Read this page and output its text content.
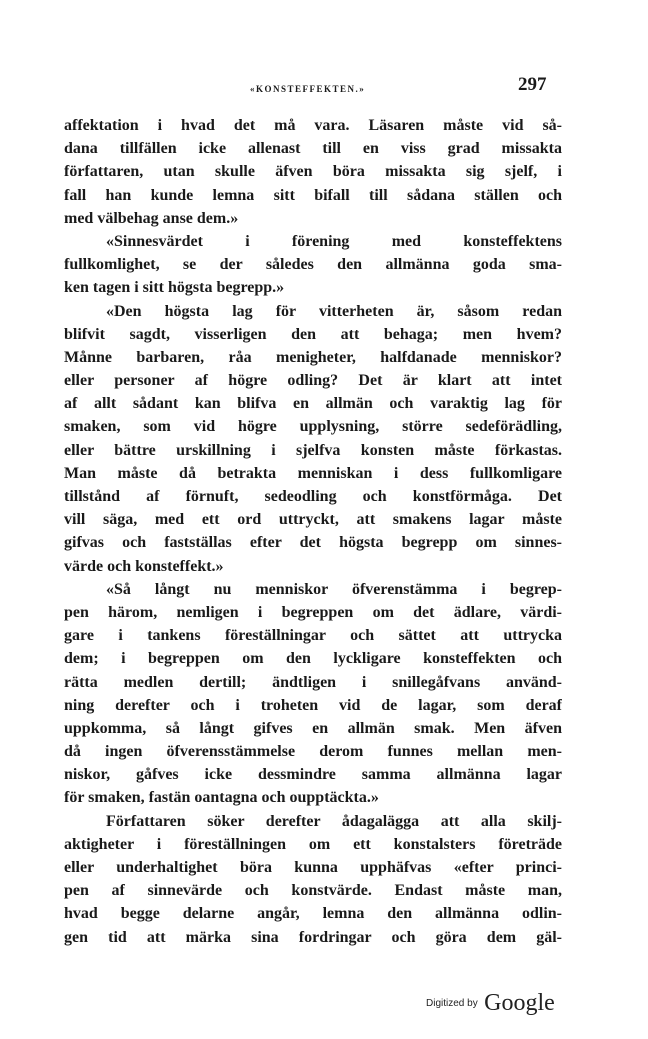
«KONSTEFFEKTEN.»	297
affektation i hvad det må vara. Läsaren måste vid så-
dana tillfällen icke allenast till en viss grad missakta
författaren, utan skulle äfven böra missakta sig sjelf, i
fall han kunde lemna sitt bifall till sådana ställen och
med välbehag anse dem.»
«Sinnesvärdet i förening med konsteffektens
fullkomlighet, se der således den allmänna goda sma-
ken tagen i sitt högsta begrepp.»
«Den högsta lag för vitterheten är, såsom redan
blifvit sagdt, visserligen den att behaga; men hvem?
Månne barbaren, råa menigheter, halfdanade menniskor?
eller personer af högre odling? Det är klart att intet
af allt sådant kan blifva en allmän och varaktig lag för
smaken, som vid högre upplysning, större sedeförädling,
eller bättre urskillning i sjelfva konsten måste förkastas.
Man måste då betrakta menniskan i dess fullkomligare
tillstånd af förnuft, sedeodling och konstförmåga. Det
vill säga, med ett ord uttryckt, att smakens lagar måste
gifvas och fastställas efter det högsta begrepp om sinnes-
värde och konsteffekt.»
«Så långt nu menniskor öfverenstämma i begrep-
pen härom, nemligen i begreppen om det ädlare, värdi-
gare i tankens föreställningar och sättet att uttrycka
dem; i begreppen om den lyckligare konsteffekten och
rätta medlen dertill; ändtligen i snillegåfvans använd-
ning derefter och i troheten vid de lagar, som deraf
uppkomma, så långt gifves en allmän smak. Men äfven
då ingen öfverensstämmelse derom funnes mellan men-
niskor, gåfves icke dessmindre samma allmänna lagar
för smaken, fastän oantagna och oupptäckta.»
Författaren söker derefter ådagalägga att alla skilj-
aktigheter i föreställningen om ett konstalsters företräde
eller underhaltighet böra kunna upphäfvas «efter princi-
pen af sinnevärde och konstvärde. Endast måste man,
hvad begge delarne angår, lemna den allmänna odlin-
gen tid att märka sina fordringar och göra dem gäl-
Digitized by Google
